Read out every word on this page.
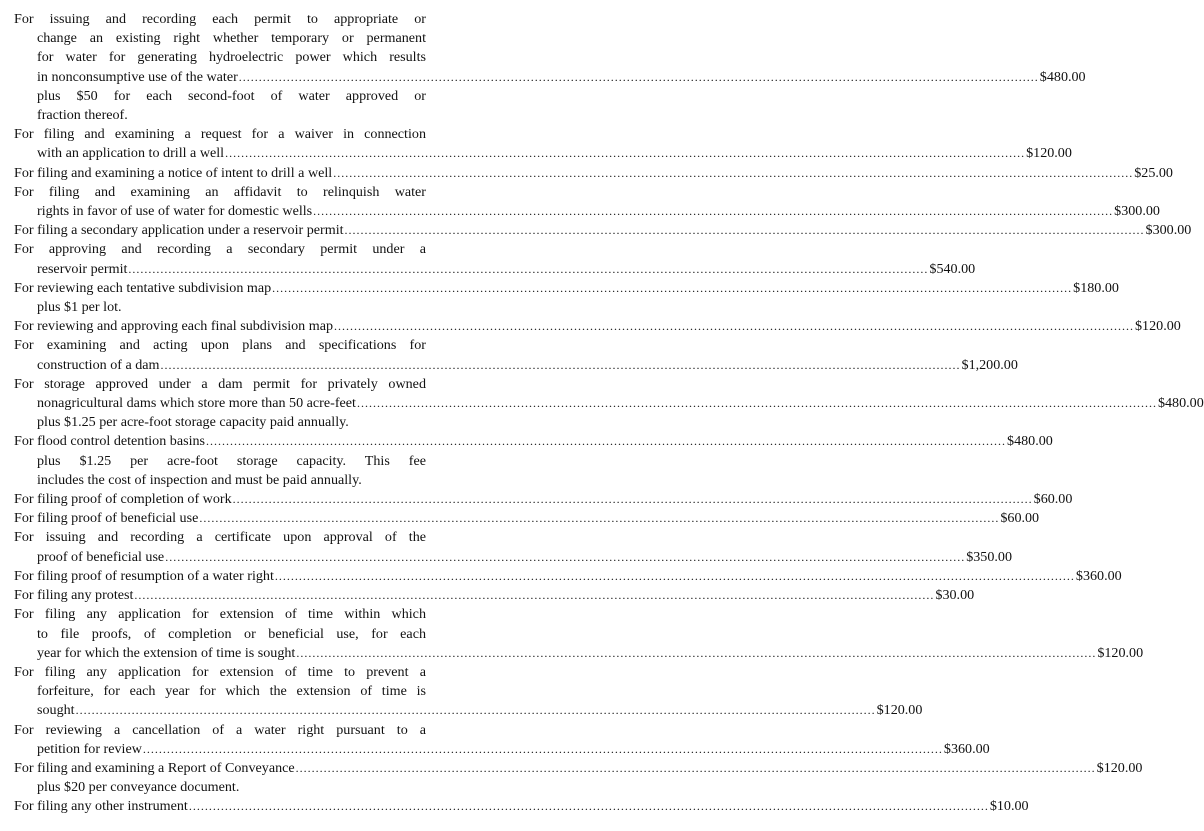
For issuing and recording each permit to appropriate or
change an existing right whether temporary or permanent
for water for generating hydroelectric power which results
in nonconsumptive use of the water ........................................................................................................................................................................................................ $480.00
plus $50 for each second-foot of water approved or
fraction thereof.
For filing and examining a request for a waiver in connection
with an application to drill a well ........................................................................................................................................................................................................ $120.00
For filing and examining a notice of intent to drill a well ........................................................................................................................................................................................................ $25.00
For filing and examining an affidavit to relinquish water
rights in favor of use of water for domestic wells ........................................................................................................................................................................................................ $300.00
For filing a secondary application under a reservoir permit ........................................................................................................................................................................................................ $300.00
For approving and recording a secondary permit under a
reservoir permit ........................................................................................................................................................................................................ $540.00
For reviewing each tentative subdivision map ........................................................................................................................................................................................................ $180.00
plus $1 per lot.
For reviewing and approving each final subdivision map ........................................................................................................................................................................................................ $120.00
For examining and acting upon plans and specifications for
construction of a dam ........................................................................................................................................................................................................ $1,200.00
For storage approved under a dam permit for privately owned
nonagricultural dams which store more than 50 acre-feet ........................................................................................................................................................................................................ $480.00
plus $1.25 per acre-foot storage capacity paid annually.
For flood control detention basins ........................................................................................................................................................................................................ $480.00
plus $1.25 per acre-foot storage capacity. This fee
includes the cost of inspection and must be paid annually.
For filing proof of completion of work ........................................................................................................................................................................................................ $60.00
For filing proof of beneficial use ........................................................................................................................................................................................................ $60.00
For issuing and recording a certificate upon approval of the
proof of beneficial use ........................................................................................................................................................................................................ $350.00
For filing proof of resumption of a water right ........................................................................................................................................................................................................ $360.00
For filing any protest ........................................................................................................................................................................................................ $30.00
For filing any application for extension of time within which
to file proofs, of completion or beneficial use, for each
year for which the extension of time is sought ........................................................................................................................................................................................................ $120.00
For filing any application for extension of time to prevent a
forfeiture, for each year for which the extension of time is
sought ........................................................................................................................................................................................................ $120.00
For reviewing a cancellation of a water right pursuant to a
petition for review ........................................................................................................................................................................................................ $360.00
For filing and examining a Report of Conveyance ........................................................................................................................................................................................................ $120.00
plus $20 per conveyance document.
For filing any other instrument ........................................................................................................................................................................................................ $10.00
